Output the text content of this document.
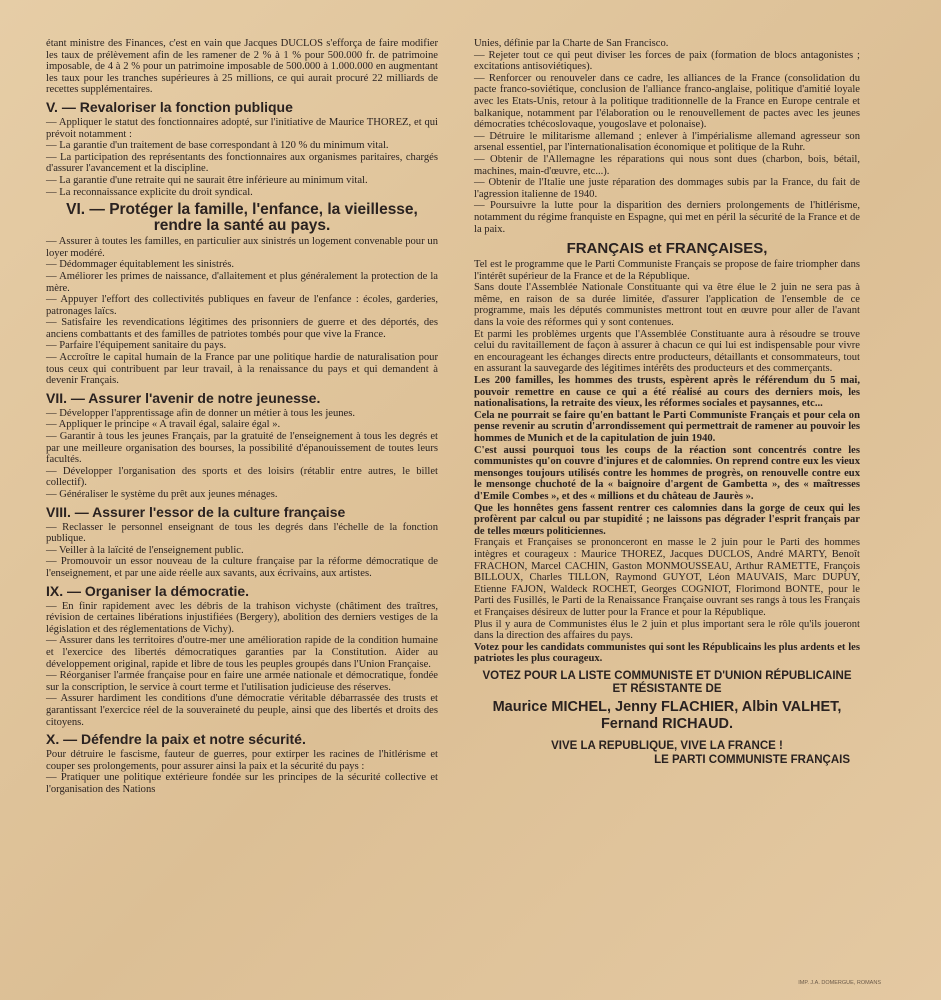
étant ministre des Finances, c'est en vain que Jacques DUCLOS s'efforça de faire modifier les taux de prélèvement afin de les ramener de 2 % à 1 % pour 500.000 fr. de patrimoine imposable, de 4 à 2 % pour un patrimoine imposable de 500.000 à 1.000.000 en augmentant les taux pour les tranches supérieures à 25 millions, ce qui aurait procuré 22 milliards de recettes supplémentaires.

V. — Revaloriser la fonction publique

— Appliquer le statut des fonctionnaires adopté, sur l'initiative de Maurice THOREZ, et qui prévoit notamment :

— La garantie d'un traitement de base correspondant à 120 % du minimum vital.

— La participation des représentants des fonctionnaires aux organismes paritaires, chargés d'assurer l'avancement et la discipline.

— La garantie d'une retraite qui ne saurait être inférieure au minimum vital.

— La reconnaissance explicite du droit syndical.

VI. — Protéger la famille, l'enfance, la vieillesse, rendre la santé au pays.

— Assurer à toutes les familles, en particulier aux sinistrés un logement convenable pour un loyer modéré.

— Dédommager équitablement les sinistrés.

— Améliorer les primes de naissance, d'allaitement et plus généralement la protection de la mère.

— Appuyer l'effort des collectivités publiques en faveur de l'enfance : écoles, garderies, patronages laïcs.

— Satisfaire les revendications légitimes des prisonniers de guerre et des déportés, des anciens combattants et des familles de patriotes tombés pour que vive la France.

— Parfaire l'équipement sanitaire du pays.

— Accroître le capital humain de la France par une politique hardie de naturalisation pour tous ceux qui contribuent par leur travail, à la renaissance du pays et qui demandent à devenir Français.

VII. — Assurer l'avenir de notre jeunesse.

— Développer l'apprentissage afin de donner un métier à tous les jeunes.

— Appliquer le principe « A travail égal, salaire égal ».

— Garantir à tous les jeunes Français, par la gratuité de l'enseignement à tous les degrés et par une meilleure organisation des bourses, la possibilité d'épanouissement de toutes leurs facultés.

— Développer l'organisation des sports et des loisirs (rétablir entre autres, le billet collectif).

— Généraliser le système du prêt aux jeunes ménages.

VIII. — Assurer l'essor de la culture française

— Reclasser le personnel enseignant de tous les degrés dans l'échelle de la fonction publique.

— Veiller à la laïcité de l'enseignement public.

— Promouvoir un essor nouveau de la culture française par la réforme démocratique de l'enseignement, et par une aide réelle aux savants, aux écrivains, aux artistes.

IX. — Organiser la démocratie.

— En finir rapidement avec les débris de la trahison vichyste (châtiment des traîtres, révision de certaines libérations injustifiées (Bergery), abolition des derniers vestiges de la législation et des réglementations de Vichy).

— Assurer dans les territoires d'outre-mer une amélioration rapide de la condition humaine et l'exercice des libertés démocratiques garanties par la Constitution. Aider au développement original, rapide et libre de tous les peuples groupés dans l'Union Française.

— Réorganiser l'armée française pour en faire une armée nationale et démocratique, fondée sur la conscription, le service à court terme et l'utilisation judicieuse des réserves.

— Assurer hardiment les conditions d'une démocratie véritable débarrassée des trusts et garantissant l'exercice réel de la souveraineté du peuple, ainsi que des libertés et droits des citoyens.

X. — Défendre la paix et notre sécurité.

Pour détruire le fascisme, fauteur de guerres, pour extirper les racines de l'hitlérisme et couper ses prolongements, pour assurer ainsi la paix et la sécurité du pays :

— Pratiquer une politique extérieure fondée sur les principes de la sécurité collective et l'organisation des Nations

Unies, définie par la Charte de San Francisco.

— Rejeter tout ce qui peut diviser les forces de paix (formation de blocs antagonistes ; excitations antisoviétiques).

— Renforcer ou renouveler dans ce cadre, les alliances de la France (consolidation du pacte franco-soviétique, conclusion de l'alliance franco-anglaise, politique d'amitié loyale avec les Etats-Unis, retour à la politique traditionnelle de la France en Europe centrale et balkanique, notamment par l'élaboration ou le renouvellement de pactes avec les jeunes démocraties tchécoslovaque, yougoslave et polonaise).

— Détruire le militarisme allemand ; enlever à l'impérialisme allemand agresseur son arsenal essentiel, par l'internationalisation économique et politique de la Ruhr.

— Obtenir de l'Allemagne les réparations qui nous sont dues (charbon, bois, bétail, machines, main-d'œuvre, etc...).

— Obtenir de l'Italie une juste réparation des dommages subis par la France, du fait de l'agression italienne de 1940.

— Poursuivre la lutte pour la disparition des derniers prolongements de l'hitlérisme, notamment du régime franquiste en Espagne, qui met en péril la sécurité de la France et de la paix.

FRANÇAIS et FRANÇAISES,

Tel est le programme que le Parti Communiste Français se propose de faire triompher dans l'intérêt supérieur de la France et de la République.

Sans doute l'Assemblée Nationale Constituante qui va être élue le 2 juin ne sera pas à même, en raison de sa durée limitée, d'assurer l'application de l'ensemble de ce programme, mais les députés communistes mettront tout en œuvre pour aller de l'avant dans la voie des réformes qui y sont contenues.

Et parmi les problèmes urgents que l'Assemblée Constituante aura à résoudre se trouve celui du ravitaillement de façon à assurer à chacun ce qui lui est indispensable pour vivre en encourageant les échanges directs entre producteurs, détaillants et consommateurs, tout en assurant la sauvegarde des légitimes intérêts des producteurs et des commerçants.

Les 200 familles, les hommes des trusts, espèrent après le référendum du 5 mai, pouvoir remettre en cause ce qui a été réalisé au cours des derniers mois, les nationalisations, la retraite des vieux, les réformes sociales et paysannes, etc...

Cela ne pourrait se faire qu'en battant le Parti Communiste Français et pour cela on pense revenir au scrutin d'arrondissement qui permettrait de ramener au pouvoir les hommes de Munich et de la capitulation de juin 1940.

C'est aussi pourquoi tous les coups de la réaction sont concentrés contre les communistes qu'on couvre d'injures et de calomnies. On reprend contre eux les vieux mensonges toujours utilisés contre les hommes de progrès, on renouvelle contre eux le mensonge chuchoté de la « baignoire d'argent de Gambetta », des « maîtresses d'Emile Combes », et des « millions et du château de Jaurès ».

Que les honnêtes gens fassent rentrer ces calomnies dans la gorge de ceux qui les profèrent par calcul ou par stupidité ; ne laissons pas dégrader l'esprit français par de telles mœurs politiciennes.

Français et Françaises se prononceront en masse le 2 juin pour le Parti des hommes intègres et courageux : Maurice THOREZ, Jacques DUCLOS, André MARTY, Benoît FRACHON, Marcel CACHIN, Gaston MONMOUSSEAU, Arthur RAMETTE, François BILLOUX, Charles TILLON, Raymond GUYOT, Léon MAUVAIS, Marc DUPUY, Etienne FAJON, Waldeck ROCHET, Georges COGNIOT, Florimond BONTE, pour le Parti des Fusillés, le Parti de la Renaissance Française ouvrant ses rangs à tous les Français et Françaises désireux de lutter pour la France et pour la République.

Plus il y aura de Communistes élus le 2 juin et plus important sera le rôle qu'ils joueront dans la direction des affaires du pays.

Votez pour les candidats communistes qui sont les Républicains les plus ardents et les patriotes les plus courageux.

VOTEZ POUR LA LISTE COMMUNISTE ET D'UNION RÉPUBLICAINE ET RÉSISTANTE DE
Maurice MICHEL, Jenny FLACHIER, Albin VALHET, Fernand RICHAUD.
VIVE LA REPUBLIQUE, VIVE LA FRANCE !
LE PARTI COMMUNISTE FRANÇAIS
IMP. J.A. DOMERGUE, ROMANS
